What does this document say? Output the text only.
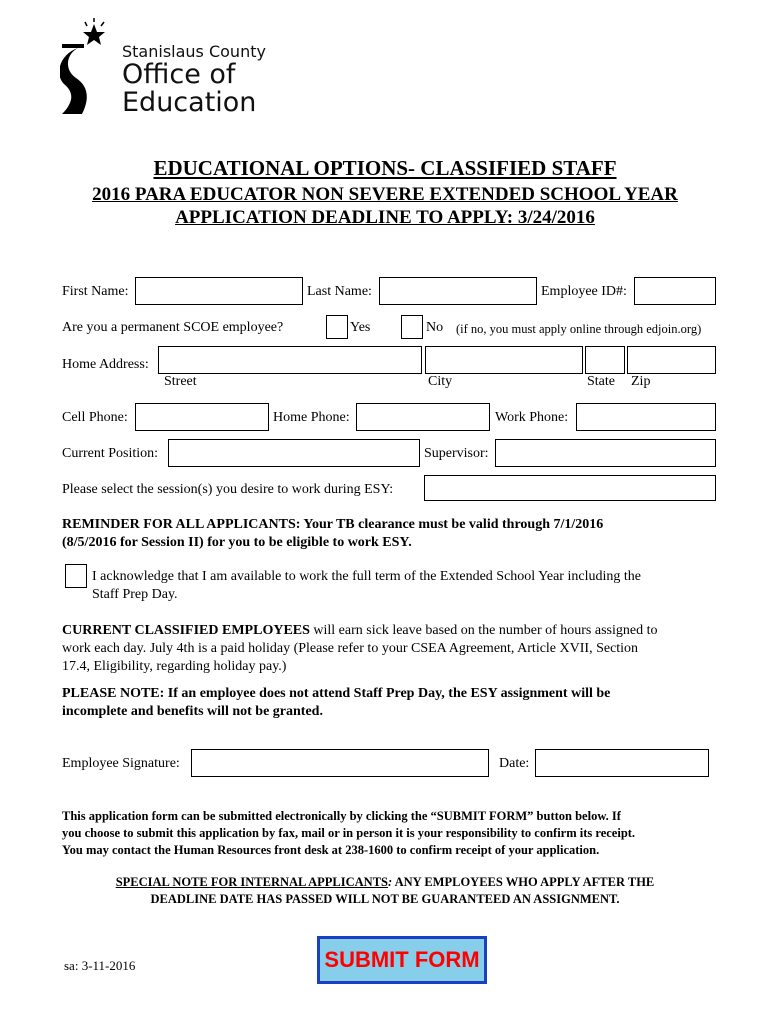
Stanislaus County
Office of
Education
EDUCATIONAL OPTIONS- CLASSIFIED STAFF
2016 PARA EDUCATOR NON SEVERE EXTENDED SCHOOL YEAR
APPLICATION DEADLINE TO APPLY: 3/24/2016
First Name:	Last Name:	Employee ID#:
Are you a permanent SCOE employee?	Yes	No (if no, you must apply online through edjoin.org)
Home Address:
Street	City	State Zip
Cell Phone:	Home Phone:	Work Phone:
Current Position:	Supervisor:
Please select the session(s) you desire to work during ESY:
REMINDER FOR ALL APPLICANTS: Your TB clearance must be valid through 7/1/2016
(8/5/2016 for Session II) for you to be eligible to work ESY.
I acknowledge that I am available to work the full term of the Extended School Year including the
Staff Prep Day.
CURRENT CLASSIFIED EMPLOYEES will earn sick leave based on the number of hours assigned to
work each day. July 4th is a paid holiday (Please refer to your CSEA Agreement, Article XVII, Section
17.4, Eligibility, regarding holiday pay.)
PLEASE NOTE: If an employee does not attend Staff Prep Day, the ESY assignment will be
incomplete and benefits will not be granted.
Employee Signature:	Date:
This application form can be submitted electronically by clicking the “SUBMIT FORM” button below. If
you choose to submit this application by fax, mail or in person it is your responsibility to confirm its receipt.
You may contact the Human Resources front desk at 238-1600 to confirm receipt of your application.
SPECIAL NOTE FOR INTERNAL APPLICANTS: ANY EMPLOYEES WHO APPLY AFTER THE
DEADLINE DATE HAS PASSED WILL NOT BE GUARANTEED AN ASSIGNMENT.
sa: 3-11-2016	SUBMIT FORM
